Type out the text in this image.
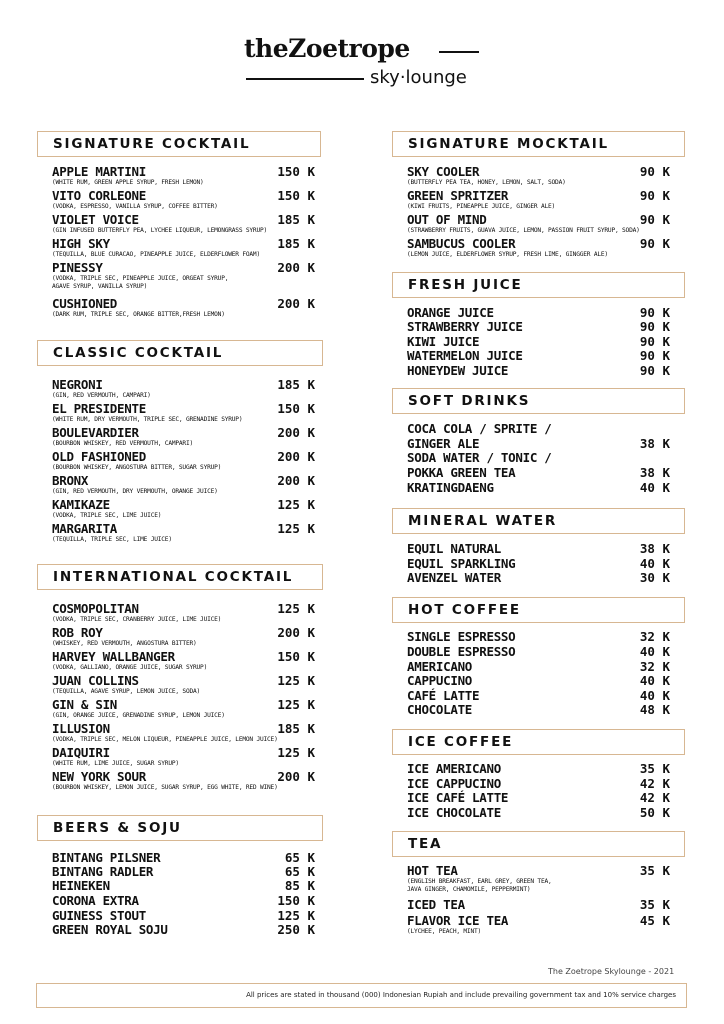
theZoetrope
sky·lounge
SIGNATURE COCKTAIL
APPLE MARTINI
(WHITE RUM, GREEN APPLE SYRUP, FRESH LEMON)
150 K
VITO CORLEONE
(VODKA, ESPRESSO, VANILLA SYRUP, COFFEE BITTER)
150 K
VIOLET VOICE
(GIN INFUSED BUTTERFLY PEA, LYCHEE LIQUEUR, LEMONGRASS SYRUP)
185 K
HIGH SKY
(TEQUILLA, BLUE CURACAO, PINEAPPLE JUICE, ELDERFLOWER FOAM)
185 K
PINESSY
(VODKA, TRIPLE SEC, PINEAPPLE JUICE, ORGEAT SYRUP,
AGAVE SYRUP, VANILLA SYRUP)
200 K
CUSHIONED
(DARK RUM, TRIPLE SEC, ORANGE BITTER,FRESH LEMON)
200 K
CLASSIC COCKTAIL
NEGRONI
(GIN, RED VERMOUTH, CAMPARI)
185 K
EL PRESIDENTE
(WHITE RUM, DRY VERMOUTH, TRIPLE SEC, GRENADINE SYRUP)
150 K
BOULEVARDIER
(BOURBON WHISKEY, RED VERMOUTH, CAMPARI)
200 K
OLD FASHIONED
(BOURBON WHISKEY, ANGOSTURA BITTER, SUGAR SYRUP)
200 K
BRONX
(GIN, RED VERMOUTH, DRY VERMOUTH, ORANGE JUICE)
200 K
KAMIKAZE
(VODKA, TRIPLE SEC, LIME JUICE)
125 K
MARGARITA
(TEQUILLA, TRIPLE SEC, LIME JUICE)
125 K
INTERNATIONAL COCKTAIL
COSMOPOLITAN
(VODKA, TRIPLE SEC, CRANBERRY JUICE, LIME JUICE)
125 K
ROB ROY
(WHISKEY, RED VERMOUTH, ANGOSTURA BITTER)
200 K
HARVEY WALLBANGER
(VODKA, GALLIANO, ORANGE JUICE, SUGAR SYRUP)
150 K
JUAN COLLINS
(TEQUILLA, AGAVE SYRUP, LEMON JUICE, SODA)
125 K
GIN & SIN
(GIN, ORANGE JUICE, GRENADINE SYRUP, LEMON JUICE)
125 K
ILLUSION
(VODKA, TRIPLE SEC, MELON LIQUEUR, PINEAPPLE JUICE, LEMON JUICE)
185 K
DAIQUIRI
(WHITE RUM, LIME JUICE, SUGAR SYRUP)
125 K
NEW YORK SOUR
(BOURBON WHISKEY, LEMON JUICE, SUGAR SYRUP, EGG WHITE, RED WINE)
200 K
BEERS & SOJU
BINTANG PILSNER	65 K
BINTANG RADLER	65 K
HEINEKEN	85 K
CORONA EXTRA	150 K
GUINESS STOUT	125 K
GREEN ROYAL SOJU	250 K
SIGNATURE MOCKTAIL
SKY COOLER
(BUTTERFLY PEA TEA, HONEY, LEMON, SALT, SODA)
90 K
GREEN SPRITZER
(KIWI FRUITS, PINEAPPLE JUICE, GINGER ALE)
90 K
OUT OF MIND
(STRAWBERRY FRUITS, GUAVA JUICE, LEMON, PASSION FRUIT SYRUP, SODA)
90 K
SAMBUCUS COOLER
(LEMON JUICE, ELDERFLOWER SYRUP, FRESH LIME, GINGGER ALE)
90 K
FRESH JUICE
ORANGE JUICE	90 K
STRAWBERRY JUICE	90 K
KIWI JUICE	90 K
WATERMELON JUICE	90 K
HONEYDEW JUICE	90 K
SOFT DRINKS
COCA COLA / SPRITE /
GINGER ALE	38 K
SODA WATER / TONIC /
POKKA GREEN TEA	38 K
KRATINGDAENG	40 K
MINERAL WATER
EQUIL NATURAL	38 K
EQUIL SPARKLING	40 K
AVENZEL WATER	30 K
HOT COFFEE
SINGLE ESPRESSO	32 K
DOUBLE ESPRESSO	40 K
AMERICANO	32 K
CAPPUCINO	40 K
CAFÉ LATTE	40 K
CHOCOLATE	48 K
ICE COFFEE
ICE AMERICANO	35 K
ICE CAPPUCINO	42 K
ICE CAFÉ LATTE	42 K
ICE CHOCOLATE	50 K
TEA
HOT TEA
(ENGLISH BREAKFAST, EARL GREY, GREEN TEA,
JAVA GINGER, CHAMOMILE, PEPPERMINT)
35 K
ICED TEA	35 K
FLAVOR ICE TEA
(LYCHEE, PEACH, MINT)
45 K
The Zoetrope Skylounge - 2021
All prices are stated in thousand (000) Indonesian Rupiah and include prevailing government tax and 10% service charges
